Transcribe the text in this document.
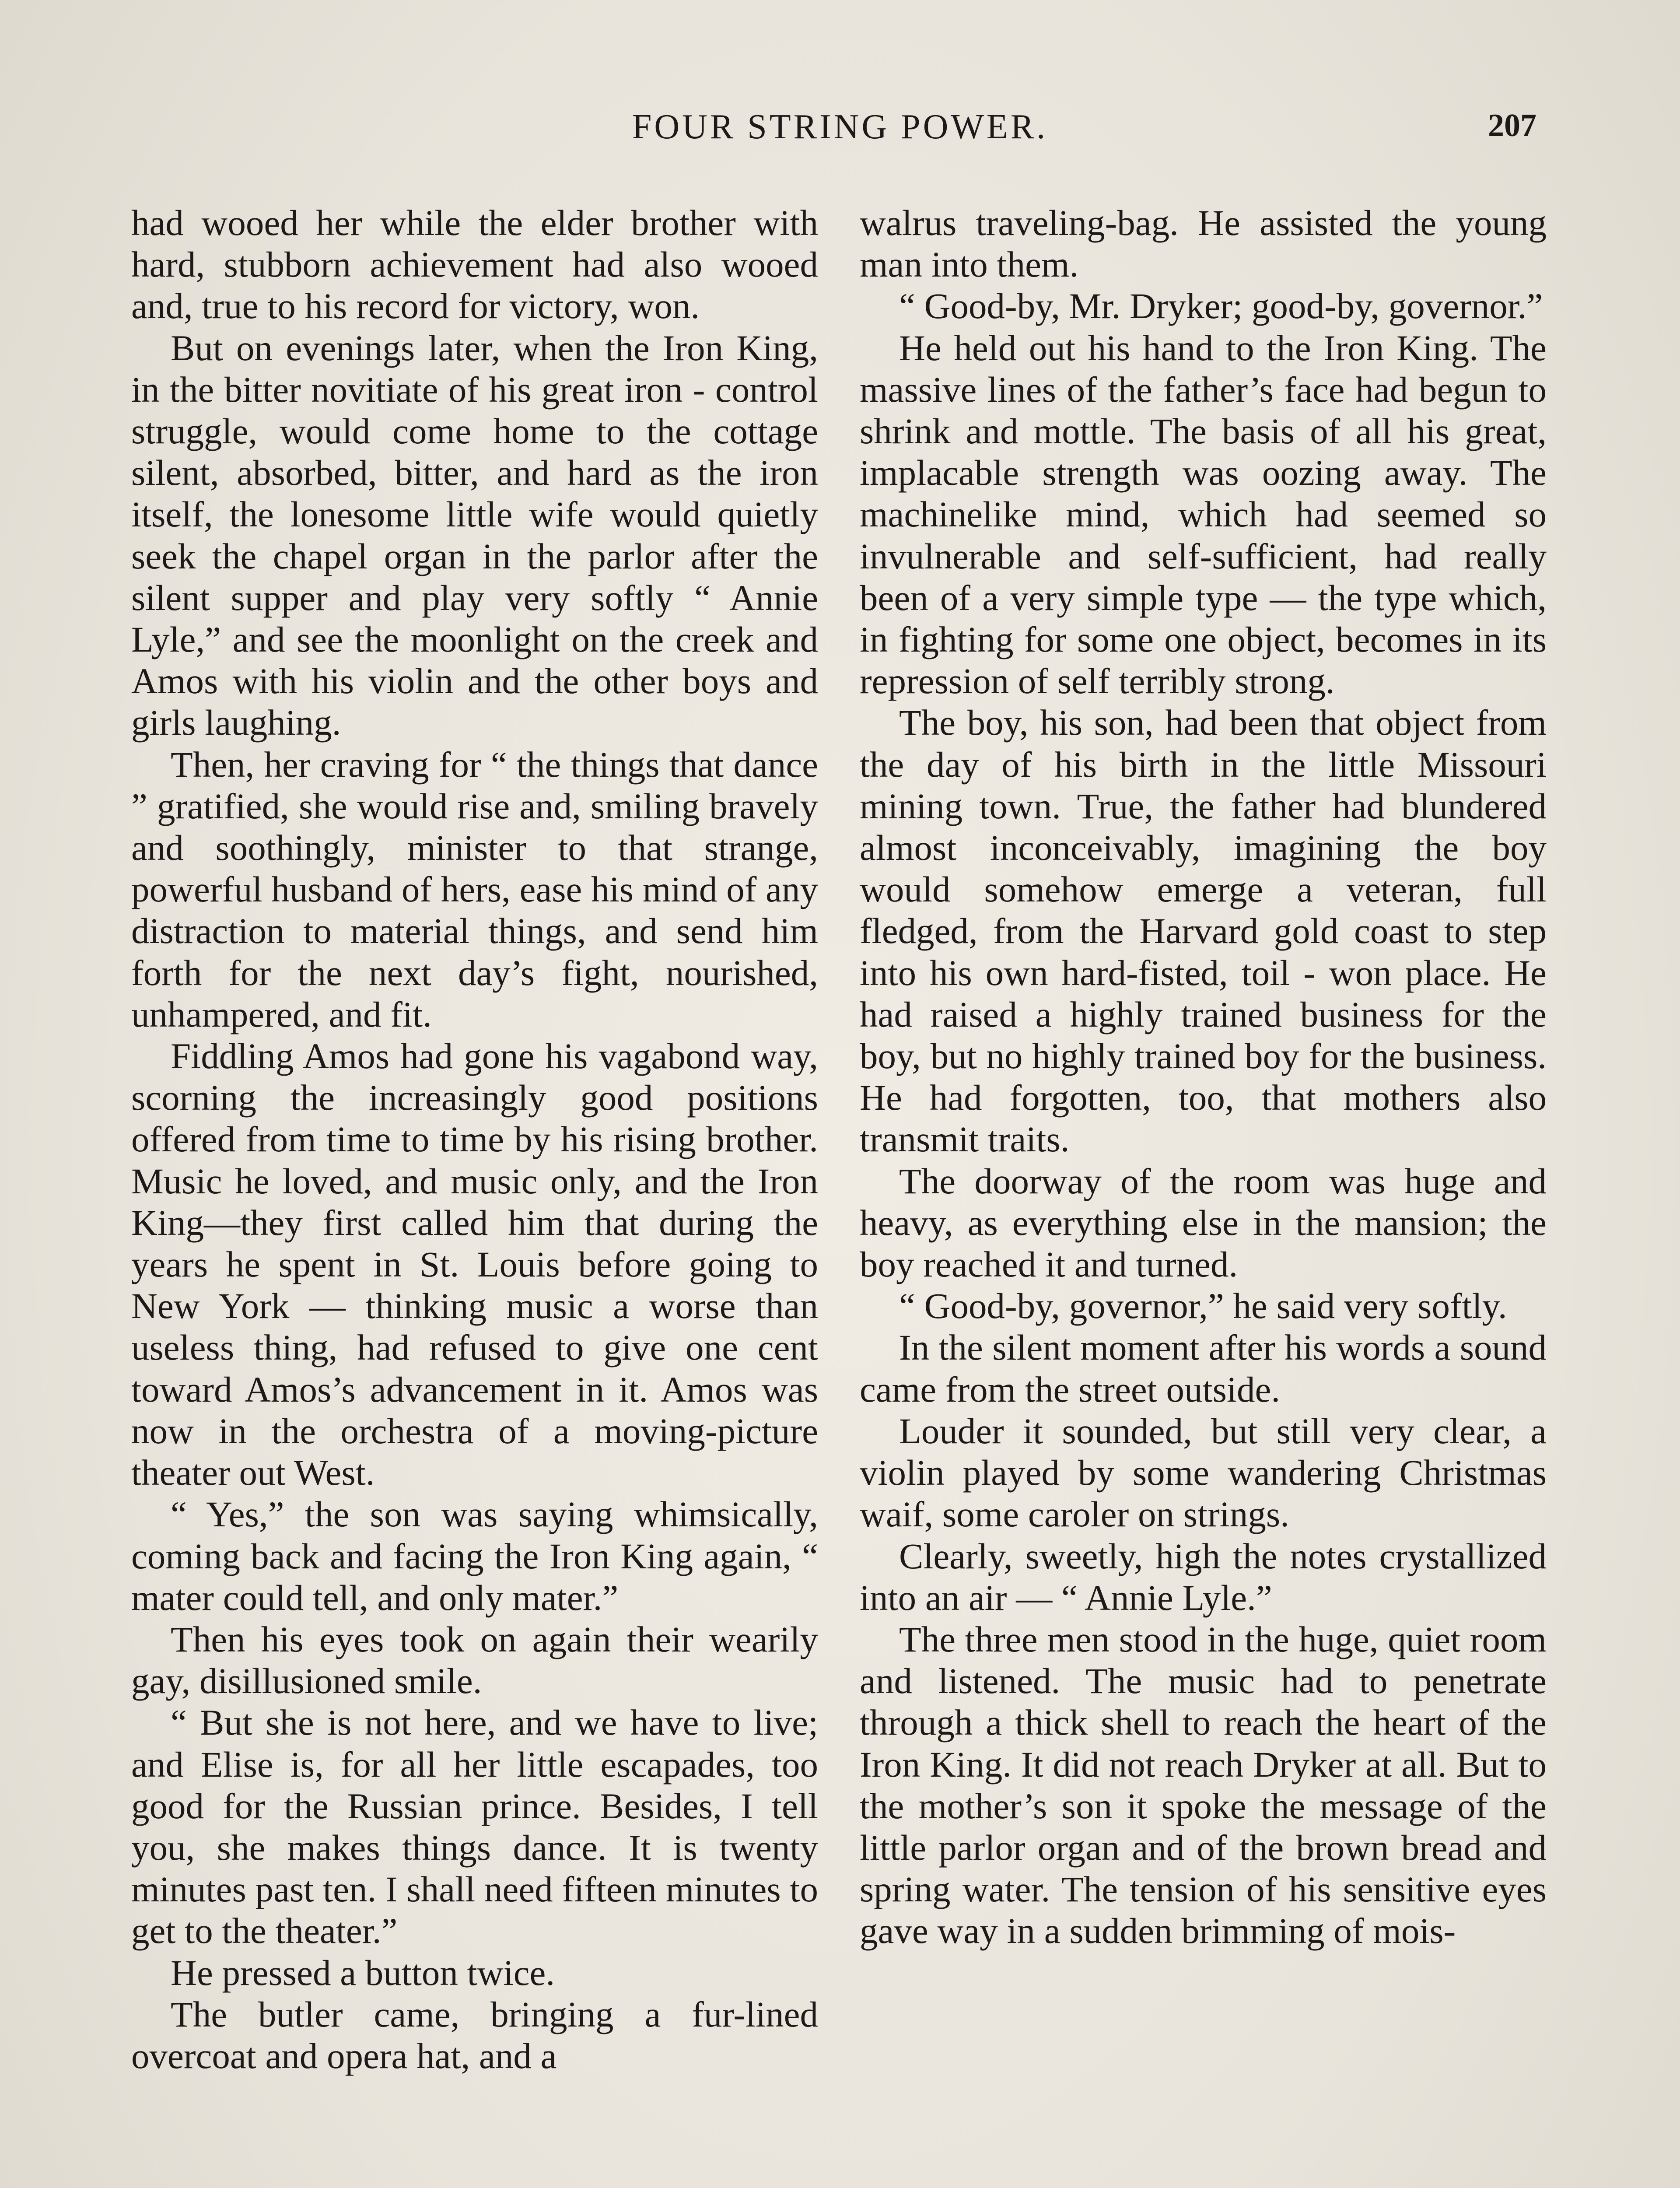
FOUR STRING POWER.	207

had wooed her while the elder brother with hard, stubborn achievement had also wooed and, true to his record for victory, won.

But on evenings later, when the Iron King, in the bitter novitiate of his great iron - control struggle, would come home to the cottage silent, absorbed, bitter, and hard as the iron itself, the lonesome little wife would quietly seek the chapel organ in the parlor after the silent supper and play very softly “ Annie Lyle,” and see the moonlight on the creek and Amos with his violin and the other boys and girls laughing.

Then, her craving for “ the things that dance ” gratified, she would rise and, smiling bravely and soothingly, minister to that strange, powerful husband of hers, ease his mind of any distraction to material things, and send him forth for the next day’s fight, nourished, unhampered, and fit.

Fiddling Amos had gone his vagabond way, scorning the increasingly good positions offered from time to time by his rising brother. Music he loved, and music only, and the Iron King—they first called him that during the years he spent in St. Louis before going to New York — thinking music a worse than useless thing, had refused to give one cent toward Amos’s advancement in it. Amos was now in the orchestra of a moving-picture theater out West.

“ Yes,” the son was saying whimsically, coming back and facing the Iron King again, “ mater could tell, and only mater.”

Then his eyes took on again their wearily gay, disillusioned smile.

“ But she is not here, and we have to live; and Elise is, for all her little escapades, too good for the Russian prince. Besides, I tell you, she makes things dance. It is twenty minutes past ten. I shall need fifteen minutes to get to the theater.”

He pressed a button twice.

The butler came, bringing a fur-lined overcoat and opera hat, and a

walrus traveling-bag. He assisted the young man into them.

“ Good-by, Mr. Dryker; good-by, governor.”

He held out his hand to the Iron King. The massive lines of the father’s face had begun to shrink and mottle. The basis of all his great, implacable strength was oozing away. The machinelike mind, which had seemed so invulnerable and self-sufficient, had really been of a very simple type — the type which, in fighting for some one object, becomes in its repression of self terribly strong.

The boy, his son, had been that object from the day of his birth in the little Missouri mining town. True, the father had blundered almost inconceivably, imagining the boy would somehow emerge a veteran, full fledged, from the Harvard gold coast to step into his own hard-fisted, toil - won place. He had raised a highly trained business for the boy, but no highly trained boy for the business. He had forgotten, too, that mothers also transmit traits.

The doorway of the room was huge and heavy, as everything else in the mansion; the boy reached it and turned.

“ Good-by, governor,” he said very softly.

In the silent moment after his words a sound came from the street outside.

Louder it sounded, but still very clear, a violin played by some wandering Christmas waif, some caroler on strings.

Clearly, sweetly, high the notes crystallized into an air — “ Annie Lyle.”

The three men stood in the huge, quiet room and listened. The music had to penetrate through a thick shell to reach the heart of the Iron King. It did not reach Dryker at all. But to the mother’s son it spoke the message of the little parlor organ and of the brown bread and spring water. The tension of his sensitive eyes gave way in a sudden brimming of mois-
